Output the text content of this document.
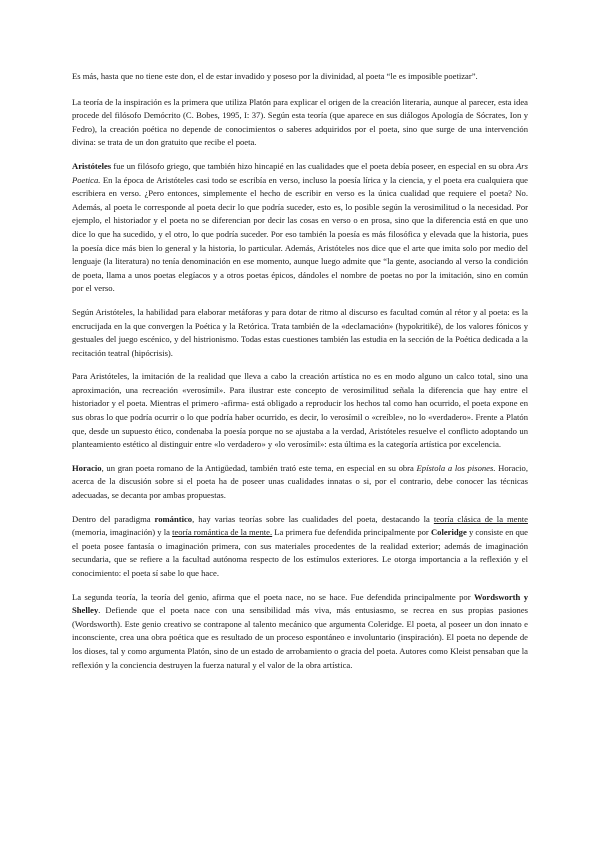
Es más, hasta que no tiene este don, el de estar invadido y poseso por la divinidad, al poeta “le es imposible poetizar”.

La teoría de la inspiración es la primera que utiliza Platón para explicar el origen de la creación literaria, aunque al parecer, esta idea procede del filósofo Demócrito (C. Bobes, 1995, I: 37). Según esta teoría (que aparece en sus diálogos Apología de Sócrates, Ion y Fedro), la creación poética no depende de conocimientos o saberes adquiridos por el poeta, sino que surge de una intervención divina: se trata de un don gratuito que recibe el poeta.

Aristóteles fue un filósofo griego, que también hizo hincapié en las cualidades que el poeta debía poseer, en especial en su obra Ars Poetica. En la época de Aristóteles casi todo se escribía en verso, incluso la poesía lírica y la ciencia, y el poeta era cualquiera que escribiera en verso. ¿Pero entonces, simplemente el hecho de escribir en verso es la única cualidad que requiere el poeta? No. Además, al poeta le corresponde al poeta decir lo que podría suceder, esto es, lo posible según la verosimilitud o la necesidad. Por ejemplo, el historiador y el poeta no se diferencian por decir las cosas en verso o en prosa, sino que la diferencia está en que uno dice lo que ha sucedido, y el otro, lo que podría suceder. Por eso también la poesía es más filosófica y elevada que la historia, pues la poesía dice más bien lo general y la historia, lo particular. Además, Aristóteles nos dice que el arte que imita solo por medio del lenguaje (la literatura) no tenía denominación en ese momento, aunque luego admite que “la gente, asociando al verso la condición de poeta, llama a unos poetas elegíacos y a otros poetas épicos, dándoles el nombre de poetas no por la imitación, sino en común por el verso.

Según Aristóteles, la habilidad para elaborar metáforas y para dotar de ritmo al discurso es facultad común al rétor y al poeta: es la encrucijada en la que convergen la Poética y la Retórica. Trata también de la «declamación» (hypokritiké), de los valores fónicos y gestuales del juego escénico, y del histrionismo. Todas estas cuestiones también las estudia en la sección de la Poética dedicada a la recitación teatral (hipócrisis).

Para Aristóteles, la imitación de la realidad que lleva a cabo la creación artística no es en modo alguno un calco total, sino una aproximación, una recreación «verosímil». Para ilustrar este concepto de verosimilitud señala la diferencia que hay entre el historiador y el poeta. Mientras el primero -afirma- está obligado a reproducir los hechos tal como han ocurrido, el poeta expone en sus obras lo que podría ocurrir o lo que podría haber ocurrido, es decir, lo verosímil o «creíble», no lo «verdadero». Frente a Platón que, desde un supuesto ético, condenaba la poesía porque no se ajustaba a la verdad, Aristóteles resuelve el conflicto adoptando un planteamiento estético al distinguir entre «lo verdadero» y «lo verosímil»: esta última es la categoría artística por excelencia.

Horacio, un gran poeta romano de la Antigüedad, también trató este tema, en especial en su obra Epístola a los pisones. Horacio, acerca de la discusión sobre si el poeta ha de poseer unas cualidades innatas o si, por el contrario, debe conocer las técnicas adecuadas, se decanta por ambas propuestas.

Dentro del paradigma romántico, hay varias teorías sobre las cualidades del poeta, destacando la teoría clásica de la mente (memoria, imaginación) y la teoría romántica de la mente. La primera fue defendida principalmente por Coleridge y consiste en que el poeta posee fantasía o imaginación primera, con sus materiales procedentes de la realidad exterior; además de imaginación secundaria, que se refiere a la facultad autónoma respecto de los estímulos exteriores. Le otorga importancia a la reflexión y el conocimiento: el poeta sí sabe lo que hace.

La segunda teoría, la teoría del genio, afirma que el poeta nace, no se hace. Fue defendida principalmente por Wordsworth y Shelley. Defiende que el poeta nace con una sensibilidad más viva, más entusiasmo, se recrea en sus propias pasiones (Wordsworth). Este genio creativo se contrapone al talento mecánico que argumenta Coleridge. El poeta, al poseer un don innato e inconsciente, crea una obra poética que es resultado de un proceso espontáneo e involuntario (inspiración). El poeta no depende de los dioses, tal y como argumenta Platón, sino de un estado de arrobamiento o gracia del poeta. Autores como Kleist pensaban que la reflexión y la conciencia destruyen la fuerza natural y el valor de la obra artística.
